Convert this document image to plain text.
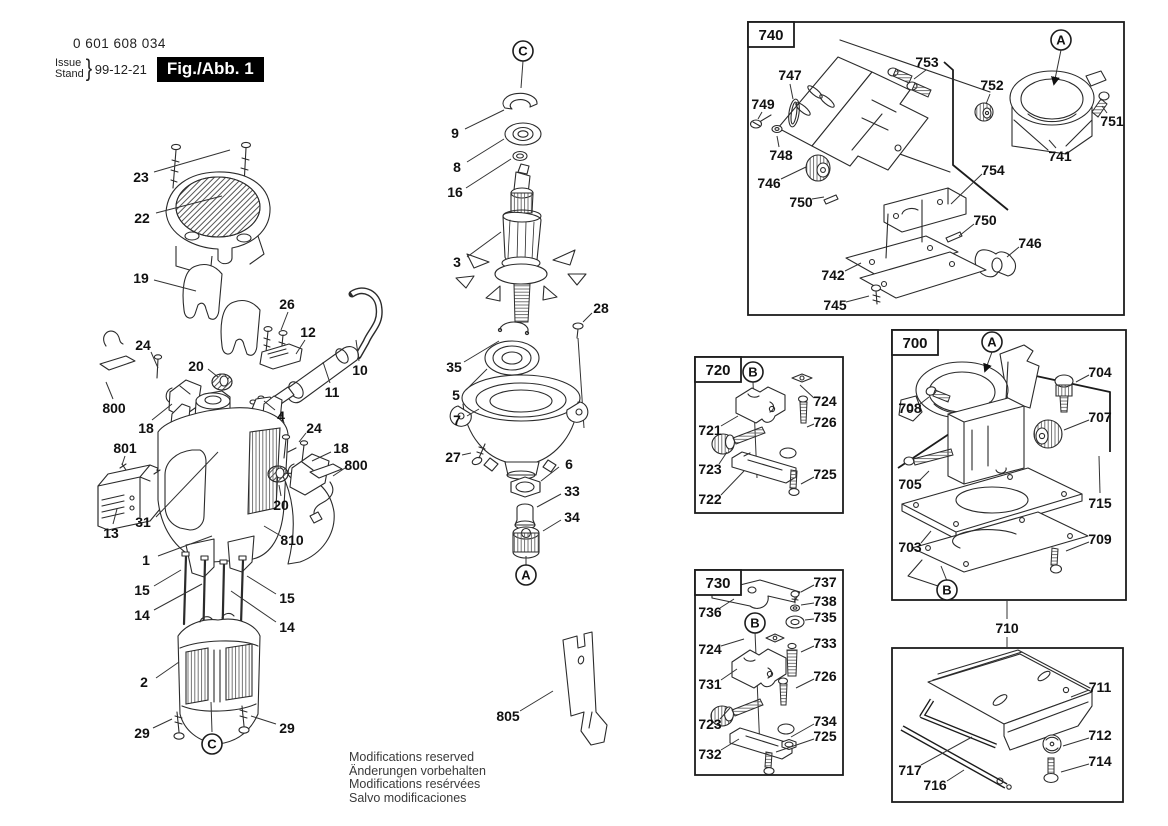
0 601 608 034
Issue
Stand } 99-12-21	Fig./Abb. 1
Modifications reserved
Änderungen vorbehalten
Modifications resérvées
Salvo modificaciones
740
720
700
730
23
22
19
26
12
10
24
20
800
18
11
4
24
18
801
800
13
31
20
810
1
15
14
15
14
2
29	29
9
8
16
3
28
35
5
7
27	6
33
34
805
747
749
748
753
752
751
741
754
746
750
750
746
742
745
724
726
721
723	725
722
704
708
707
705
715
703	709
710
737
738
735
736
724	733
731	726
723	734
725
732
711
712
717
716
714
C
C
A
A
A
B
B
B
